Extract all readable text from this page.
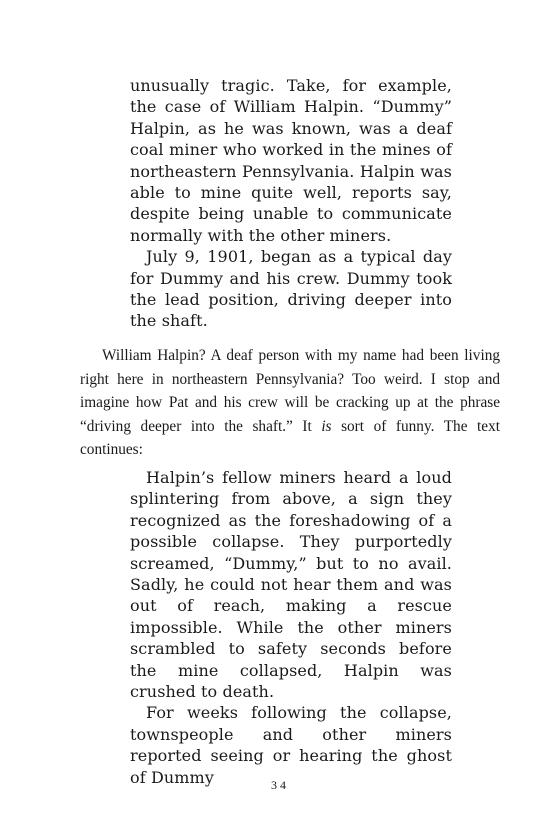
unusually tragic. Take, for example, the case of William Halpin. “Dummy” Halpin, as he was known, was a deaf coal miner who worked in the mines of northeastern Pennsylvania. Halpin was able to mine quite well, reports say, despite being unable to communicate normally with the other miners.

July 9, 1901, began as a typical day for Dummy and his crew. Dummy took the lead position, driving deeper into the shaft.

William Halpin? A deaf person with my name had been living right here in northeastern Pennsylvania? Too weird. I stop and imagine how Pat and his crew will be cracking up at the phrase “driving deeper into the shaft.” It is sort of funny. The text continues:

Halpin’s fellow miners heard a loud splintering from above, a sign they recognized as the foreshadowing of a possible collapse. They purportedly screamed, “Dummy,” but to no avail. Sadly, he could not hear them and was out of reach, making a rescue impossible. While the other miners scrambled to safety seconds before the mine collapsed, Halpin was crushed to death.

For weeks following the collapse, townspeople and other miners reported seeing or hearing the ghost of Dummy	34
